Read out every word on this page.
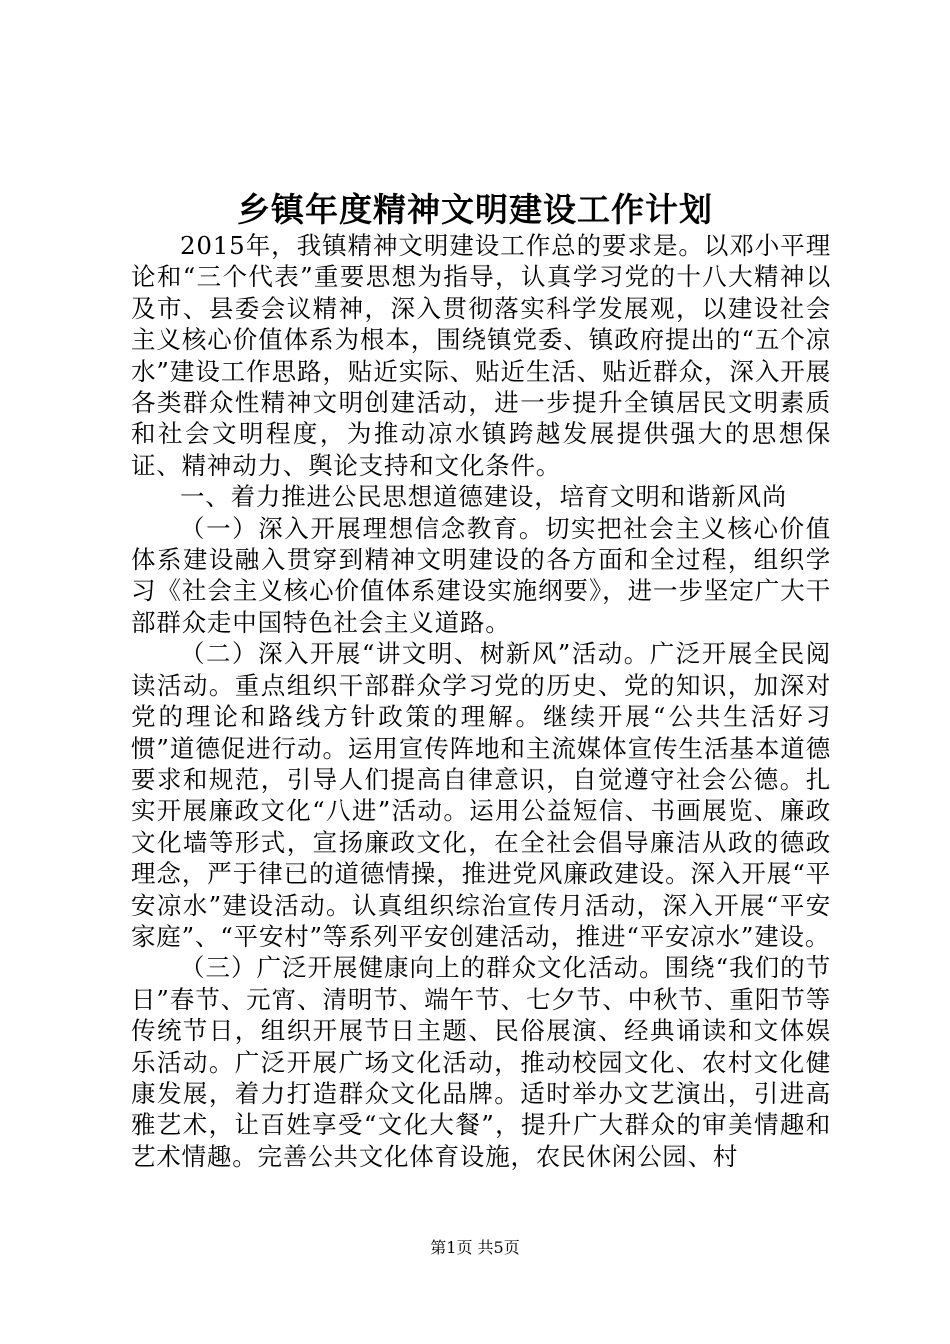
乡镇年度精神文明建设工作计划

2015年，我镇精神文明建设工作总的要求是。以邓小平理论和“三个代表”重要思想为指导，认真学习党的十八大精神以及市、县委会议精神，深入贯彻落实科学发展观，以建设社会主义核心价值体系为根本，围绕镇党委、镇政府提出的“五个凉水”建设工作思路，贴近实际、贴近生活、贴近群众，深入开展各类群众性精神文明创建活动，进一步提升全镇居民文明素质和社会文明程度，为推动凉水镇跨越发展提供强大的思想保证、精神动力、舆论支持和文化条件。

一、着力推进公民思想道德建设，培育文明和谐新风尚

（一）深入开展理想信念教育。切实把社会主义核心价值体系建设融入贯穿到精神文明建设的各方面和全过程，组织学习《社会主义核心价值体系建设实施纲要》，进一步坚定广大干部群众走中国特色社会主义道路。

（二）深入开展“讲文明、树新风”活动。广泛开展全民阅读活动。重点组织干部群众学习党的历史、党的知识，加深对党的理论和路线方针政策的理解。继续开展“公共生活好习惯”道德促进行动。运用宣传阵地和主流媒体宣传生活基本道德要求和规范，引导人们提高自律意识，自觉遵守社会公德。扎实开展廉政文化“八进”活动。运用公益短信、书画展览、廉政文化墙等形式，宣扬廉政文化，在全社会倡导廉洁从政的德政理念，严于律已的道德情操，推进党风廉政建设。深入开展“平安凉水”建设活动。认真组织综治宣传月活动，深入开展“平安家庭”、“平安村”等系列平安创建活动，推进“平安凉水”建设。

（三）广泛开展健康向上的群众文化活动。围绕“我们的节日”春节、元宵、清明节、端午节、七夕节、中秋节、重阳节等传统节日，组织开展节日主题、民俗展演、经典诵读和文体娱乐活动。广泛开展广场文化活动，推动校园文化、农村文化健康发展，着力打造群众文化品牌。适时举办文艺演出，引进高雅艺术，让百姓享受“文化大餐”，提升广大群众的审美情趣和艺术情趣。完善公共文化体育设施，农民休闲公园、村

第1页 共5页
